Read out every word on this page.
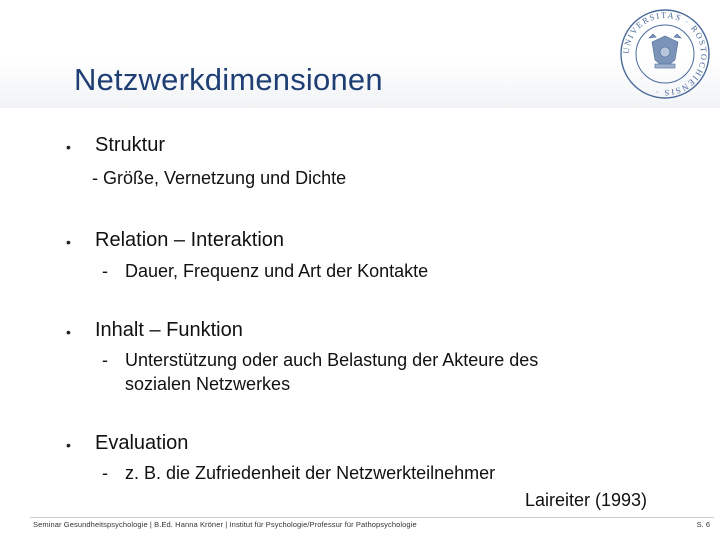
Netzwerkdimensionen
UNIVERSITAS · ROSTOCHIENSIS ·
• Struktur
- Größe, Vernetzung und Dichte
• Relation – Interaktion
- Dauer, Frequenz und Art der Kontakte
• Inhalt – Funktion
- Unterstützung oder auch Belastung der Akteure des
sozialen Netzwerkes
• Evaluation
- z. B. die Zufriedenheit der Netzwerkteilnehmer
Laireiter (1993)
Seminar Gesundheitspsychologie | B.Ed. Hanna Kröner | Institut für Psychologie/Professur für Pathopsychologie	S. 6
